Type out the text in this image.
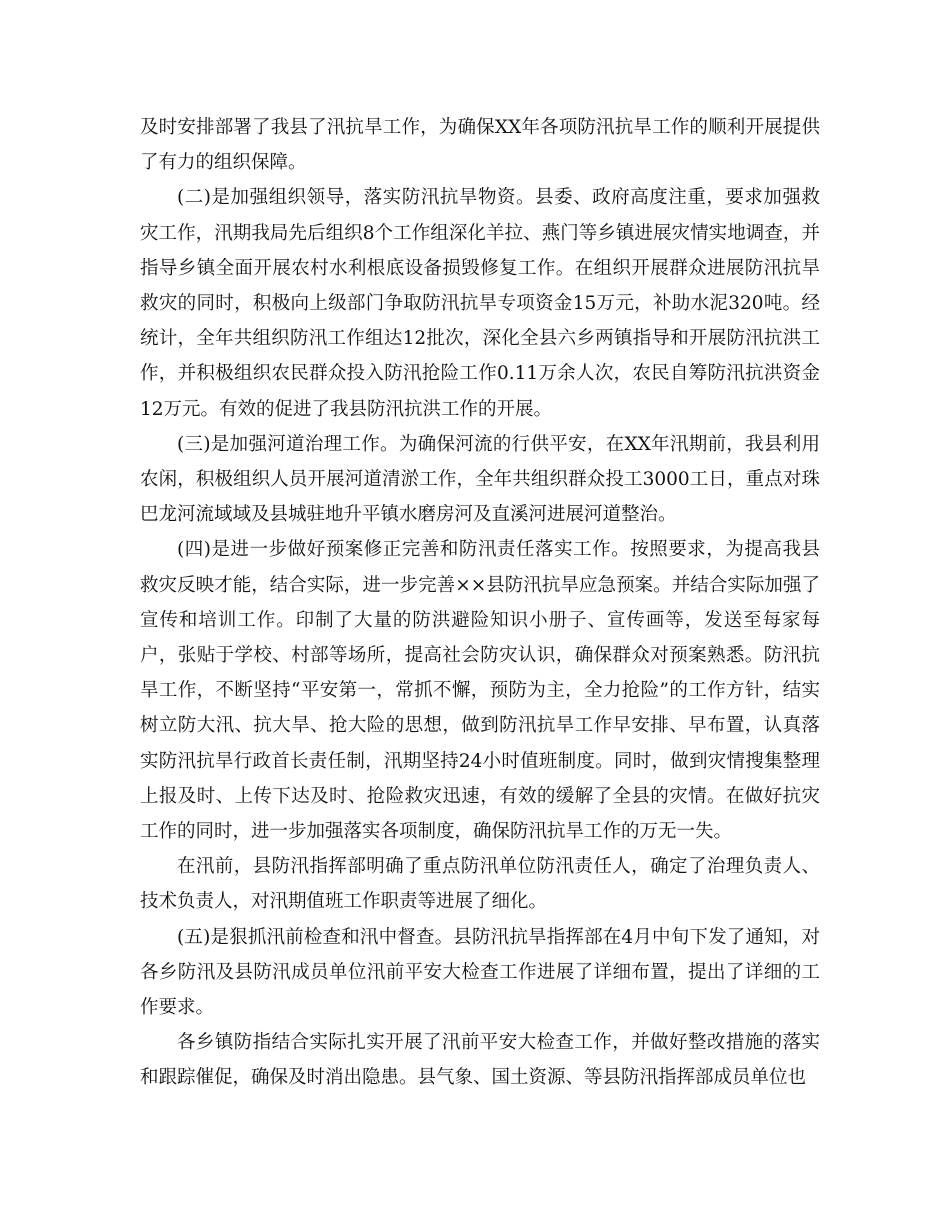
及时安排部署了我县了汛抗旱工作，为确保XX年各项防汛抗旱工作的顺利开展提供了有力的组织保障。

(二)是加强组织领导，落实防汛抗旱物资。县委、政府高度注重，要求加强救灾工作，汛期我局先后组织8个工作组深化羊拉、燕门等乡镇进展灾情实地调查，并指导乡镇全面开展农村水利根底设备损毁修复工作。在组织开展群众进展防汛抗旱救灾的同时，积极向上级部门争取防汛抗旱专项资金15万元，补助水泥320吨。经统计，全年共组织防汛工作组达12批次，深化全县六乡两镇指导和开展防汛抗洪工作，并积极组织农民群众投入防汛抢险工作0.11万余人次，农民自筹防汛抗洪资金12万元。有效的促进了我县防汛抗洪工作的开展。

(三)是加强河道治理工作。为确保河流的行供平安，在XX年汛期前，我县利用农闲，积极组织人员开展河道清淤工作，全年共组织群众投工3000工日，重点对珠巴龙河流域域及县城驻地升平镇水磨房河及直溪河进展河道整治。

(四)是进一步做好预案修正完善和防汛责任落实工作。按照要求，为提高我县救灾反映才能，结合实际，进一步完善××县防汛抗旱应急预案。并结合实际加强了宣传和培训工作。印制了大量的防洪避险知识小册子、宣传画等，发送至每家每户，张贴于学校、村部等场所，提高社会防灾认识，确保群众对预案熟悉。防汛抗旱工作，不断坚持“平安第一，常抓不懈，预防为主，全力抢险”的工作方针，结实树立防大汛、抗大旱、抢大险的思想，做到防汛抗旱工作早安排、早布置，认真落实防汛抗旱行政首长责任制，汛期坚持24小时值班制度。同时，做到灾情搜集整理上报及时、上传下达及时、抢险救灾迅速，有效的缓解了全县的灾情。在做好抗灾工作的同时，进一步加强落实各项制度，确保防汛抗旱工作的万无一失。

在汛前，县防汛指挥部明确了重点防汛单位防汛责任人，确定了治理负责人、技术负责人，对汛期值班工作职责等进展了细化。

(五)是狠抓汛前检查和汛中督查。县防汛抗旱指挥部在4月中旬下发了通知，对各乡防汛及县防汛成员单位汛前平安大检查工作进展了详细布置，提出了详细的工作要求。

各乡镇防指结合实际扎实开展了汛前平安大检查工作，并做好整改措施的落实和跟踪催促，确保及时消出隐患。县气象、国土资源、等县防汛指挥部成员单位也
